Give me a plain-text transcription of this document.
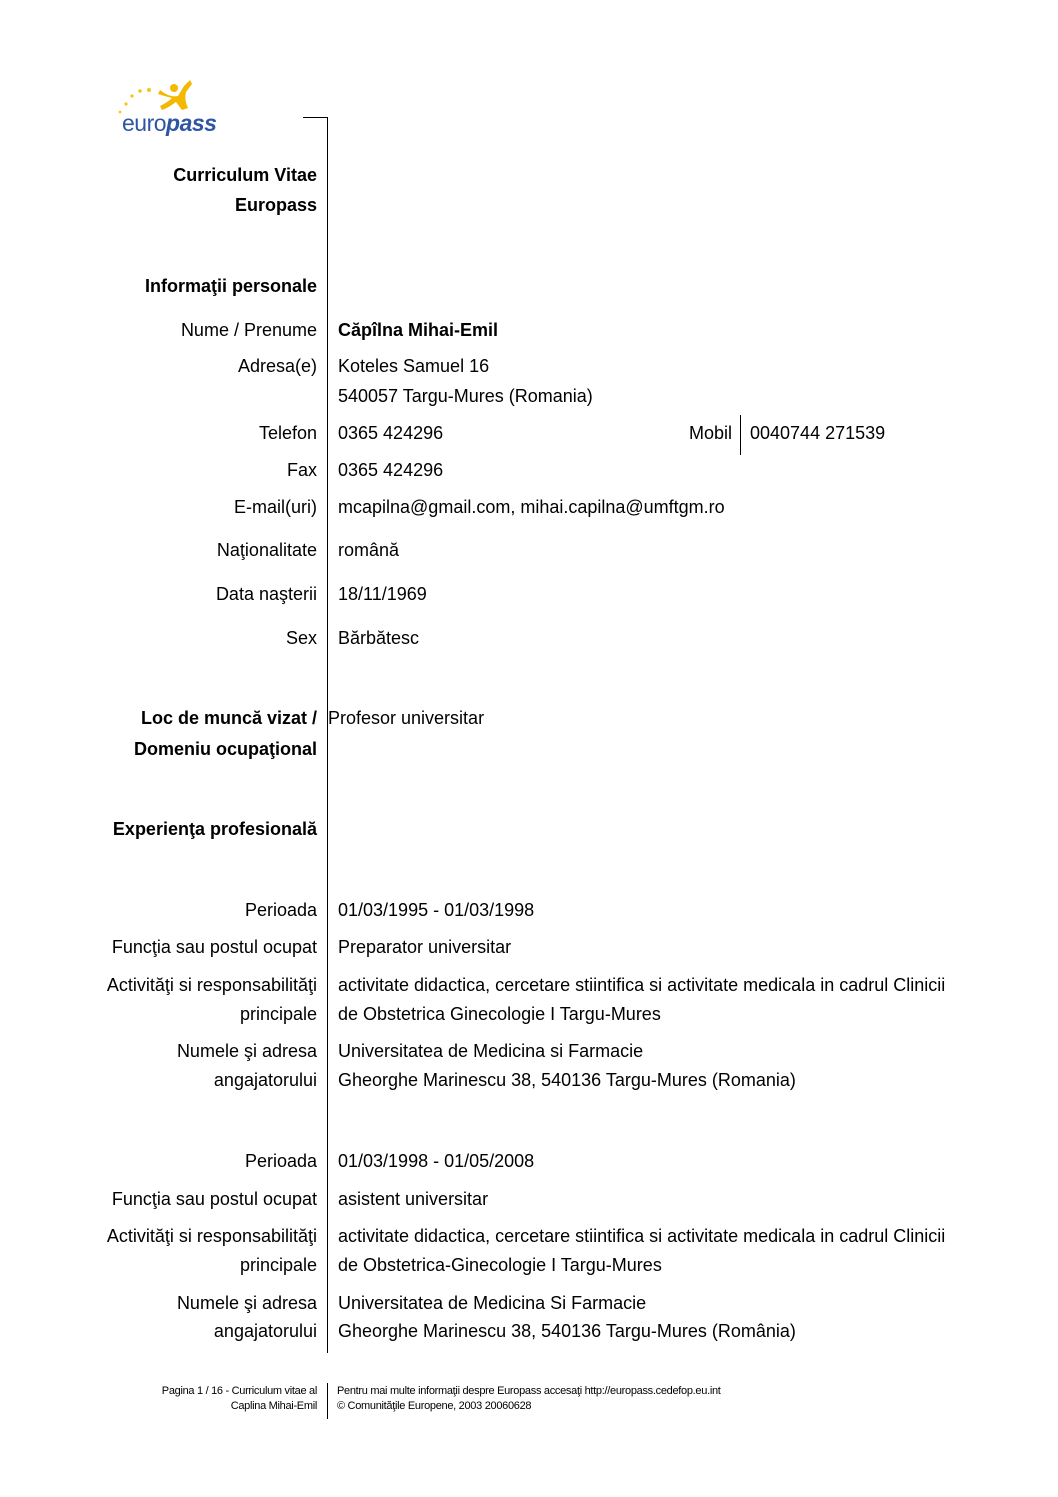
europass
Curriculum Vitae
Europass
Informaţii personale
Nume / Prenume Căpîlna Mihai-Emil
Adresa(e) Koteles Samuel 16
540057 Targu-Mures (Romania)
Telefon 0365 424296	Mobil 0040744 271539
Fax 0365 424296
E-mail(uri) mcapilna@gmail.com, mihai.capilna@umftgm.ro
Naţionalitate română
Data naşterii 18/11/1969
Sex Bărbătesc
Loc de muncă vizat /
Domeniu ocupaţional
Profesor universitar
Experienţa profesională
Perioada 01/03/1995 - 01/03/1998
Funcţia sau postul ocupat Preparator universitar
Activităţi si responsabilităţi
principale
activitate didactica, cercetare stiintifica si activitate medicala in cadrul Clinicii
de Obstetrica Ginecologie I Targu-Mures
Numele şi adresa
angajatorului
Universitatea de Medicina si Farmacie
Gheorghe Marinescu 38, 540136 Targu-Mures (Romania)
Perioada 01/03/1998 - 01/05/2008
Funcţia sau postul ocupat asistent universitar
Activităţi si responsabilităţi
principale
activitate didactica, cercetare stiintifica si activitate medicala in cadrul Clinicii
de Obstetrica-Ginecologie I Targu-Mures
Numele şi adresa
angajatorului
Universitatea de Medicina Si Farmacie
Gheorghe Marinescu 38, 540136 Targu-Mures (România)
Pagina 1 / 16 - Curriculum vitae al
Caplina Mihai-Emil
Pentru mai multe informaţii despre Europass accesaţi http://europass.cedefop.eu.int
© Comunităţile Europene, 2003 20060628
